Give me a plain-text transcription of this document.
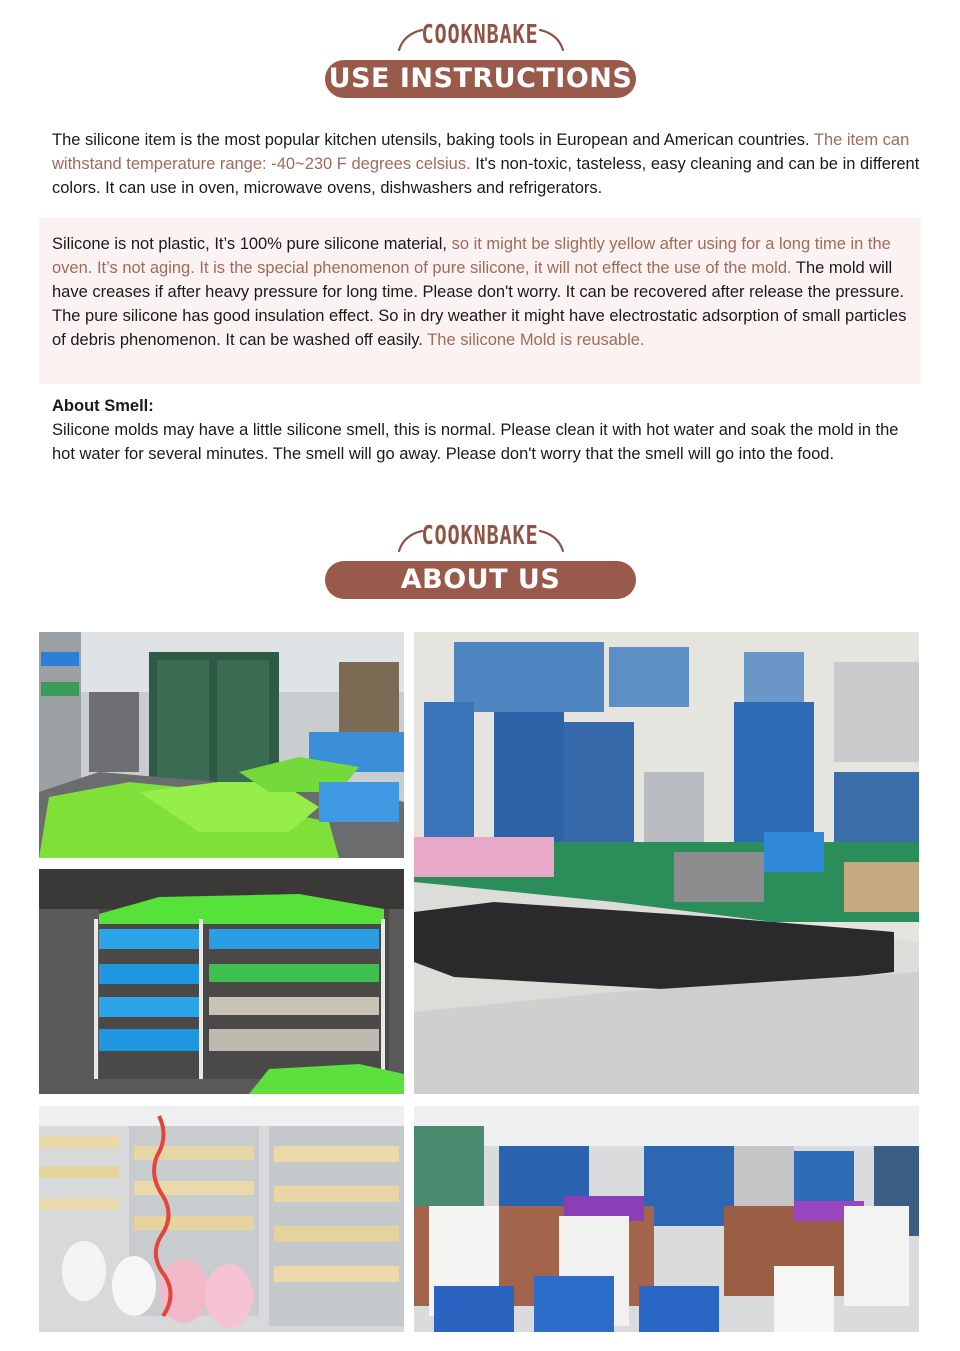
COOKNBAKE
USE INSTRUCTIONS
The silicone item is the most popular kitchen utensils, baking tools in European and American countries. The item can withstand temperature range: -40~230 F degrees celsius. It's non-toxic, tasteless, easy cleaning and can be in different colors. It can use in oven, microwave ovens, dishwashers and refrigerators.
Silicone is not plastic, It’s 100% pure silicone material, so it might be slightly yellow after using for a long time in the oven. It’s not aging. It is the special phenomenon of pure silicone, it will not effect the use of the mold. The mold will have creases if after heavy pressure for long time. Please don't worry. It can be recovered after release the pressure. The pure silicone has good insulation effect. So in dry weather it might have electrostatic adsorption of small particles of debris phenomenon. It can be washed off easily. The silicone Mold is reusable.
About Smell:
Silicone molds may have a little silicone smell, this is normal. Please clean it with hot water and soak the mold in the hot water for several minutes. The smell will go away. Please don't worry that the smell will go into the food.
COOKNBAKE
ABOUT US
